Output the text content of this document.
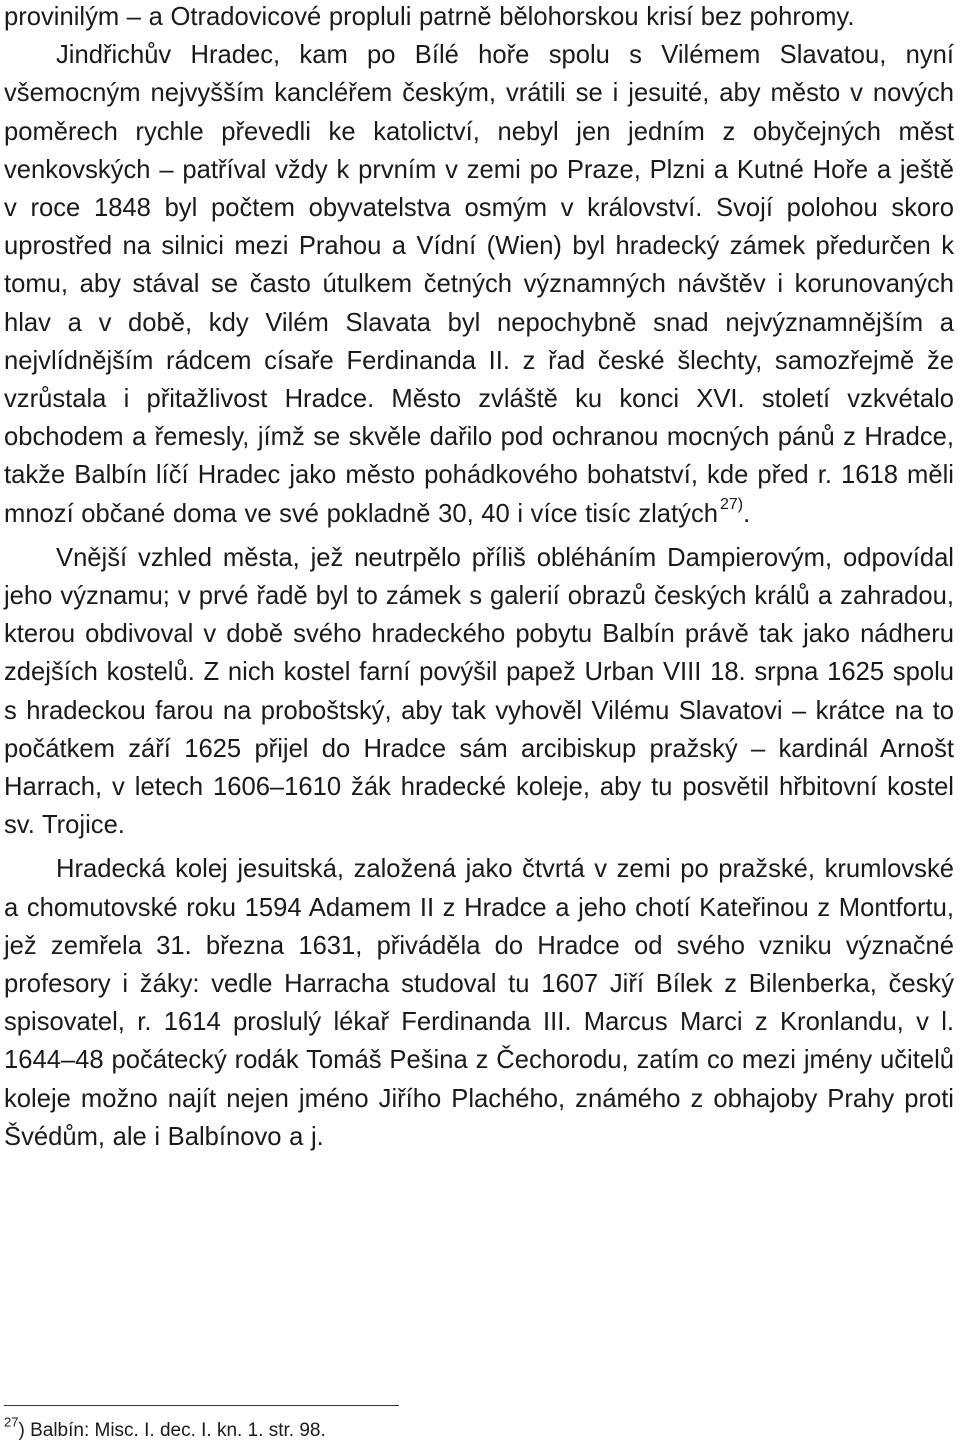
provinilým – a Otradovicové propluli patrně bělohorskou krisí bez pohromy.

Jindřichův Hradec, kam po Bílé hoře spolu s Vilémem Slavatou, nyní všemocným nejvyšším kancléřem českým, vrátili se i jesuité, aby město v nových poměrech rychle převedli ke katolictví, nebyl jen jedním z obyčejných měst venkovských – patříval vždy k prvním v zemi po Praze, Plzni a Kutné Hoře a ještě v roce 1848 byl počtem obyvatelstva osmým v království. Svojí polohou skoro uprostřed na silnici mezi Prahou a Vídní (Wien) byl hradecký zámek předurčen k tomu, aby stával se často útulkem četných významných návštěv i korunovaných hlav a v době, kdy Vilém Slavata byl nepochybně snad nejvýznamnějším a nejvlídnějším rádcem císaře Ferdinanda II. z řad české šlechty, samozřejmě že vzrůstala i přitažlivost Hradce. Město zvláště ku konci XVI. století vzkvétalo obchodem a řemesly, jímž se skvěle dařilo pod ochranou mocných pánů z Hradce, takže Balbín líčí Hradec jako město pohádkového bohatství, kde před r. 1618 měli mnozí občané doma ve své pokladně 30, 40 i více tisíc zlatých $^{27)}$.

Vnější vzhled města, jež neutrpělo příliš obléháním Dampierovým, odpovídal jeho významu; v prvé řadě byl to zámek s galerií obrazů českých králů a zahradou, kterou obdivoval v době svého hradeckého pobytu Balbín právě tak jako nádheru zdejších kostelů. Z nich kostel farní povýšil papež Urban VIII 18. srpna 1625 spolu s hradeckou farou na proboštský, aby tak vyhověl Vilému Slavatovi – krátce na to počátkem září 1625 přijel do Hradce sám arcibiskup pražský – kardinál Arnošt Harrach, v letech 1606–1610 žák hradecké koleje, aby tu posvětil hřbitovní kostel sv. Trojice.

Hradecká kolej jesuitská, založená jako čtvrtá v zemi po pražské, krumlovské a chomutovské roku 1594 Adamem II z Hradce a jeho chotí Kateřinou z Montfortu, jež zemřela 31. března 1631, přiváděla do Hradce od svého vzniku význačné profesory i žáky: vedle Harracha studoval tu 1607 Jiří Bílek z Bilenberka, český spisovatel, r. 1614 proslulý lékař Ferdinanda III. Marcus Marci z Kronlandu, v l. 1644–48 počátecký rodák Tomáš Pešina z Čechorodu, zatím co mezi jmény učitelů koleje možno najít nejen jméno Jiřího Plachého, známého z obhajoby Prahy proti Švédům, ale i Balbínovo a j.

$^{27}$) Balbín: Misc. I. dec. I. kn. 1. str. 98.
